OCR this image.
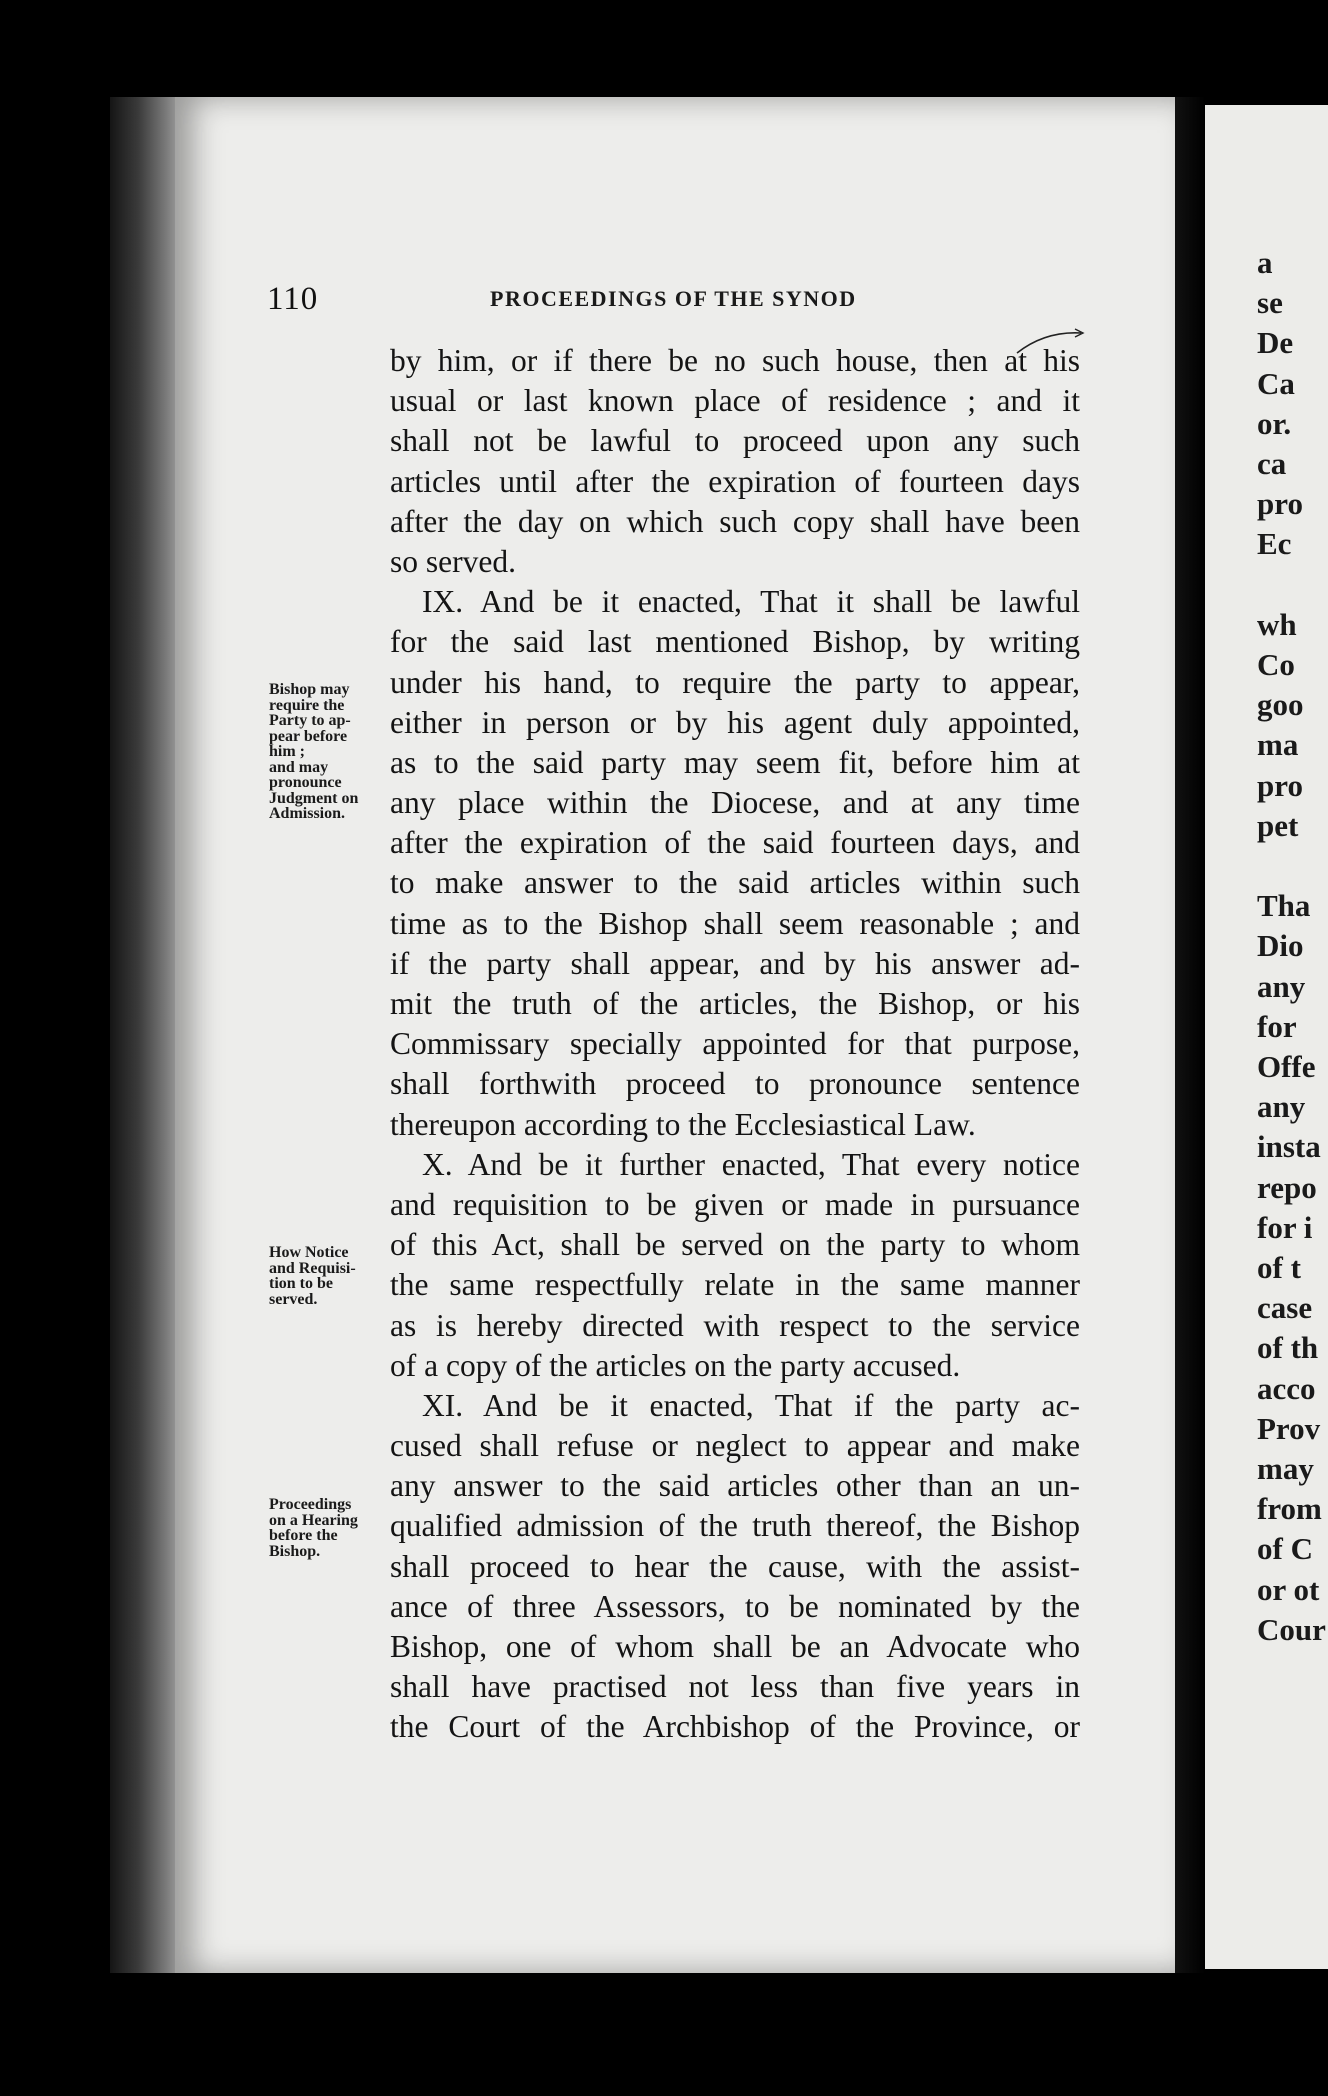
110	PROCEEDINGS OF THE SYNOD
Bishop may
require the
Party to ap-
pear before
him ;
and may
pronounce
Judgment on
Admission.
How Notice
and Requisi-
tion to be
served.
Proceedings
on a Hearing
before the
Bishop.
by him, or if there be no such house, then at his
usual or last known place of residence ; and it
shall not be lawful to proceed upon any such
articles until after the expiration of fourteen days
after the day on which such copy shall have been
so served.
IX. And be it enacted, That it shall be lawful
for the said last mentioned Bishop, by writing
under his hand, to require the party to appear,
either in person or by his agent duly appointed,
as to the said party may seem fit, before him at
any place within the Diocese, and at any time
after the expiration of the said fourteen days, and
to make answer to the said articles within such
time as to the Bishop shall seem reasonable ; and
if the party shall appear, and by his answer ad-
mit the truth of the articles, the Bishop, or his
Commissary specially appointed for that purpose,
shall forthwith proceed to pronounce sentence
thereupon according to the Ecclesiastical Law.
X. And be it further enacted, That every notice
and requisition to be given or made in pursuance
of this Act, shall be served on the party to whom
the same respectfully relate in the same manner
as is hereby directed with respect to the service
of a copy of the articles on the party accused.
XI. And be it enacted, That if the party ac-
cused shall refuse or neglect to appear and make
any answer to the said articles other than an un-
qualified admission of the truth thereof, the Bishop
shall proceed to hear the cause, with the assist-
ance of three Assessors, to be nominated by the
Bishop, one of whom shall be an Advocate who
shall have practised not less than five years in
the Court of the Archbishop of the Province, or
a
se
De
Ca
or.
ca
pro
Ec
wh
Co
goo
ma
pro
pet
Tha
Dio
any
for
Offe
any
insta
repo
for i
of t
case
of th
acco
Prov
may
from
of C
or ot
Cour
